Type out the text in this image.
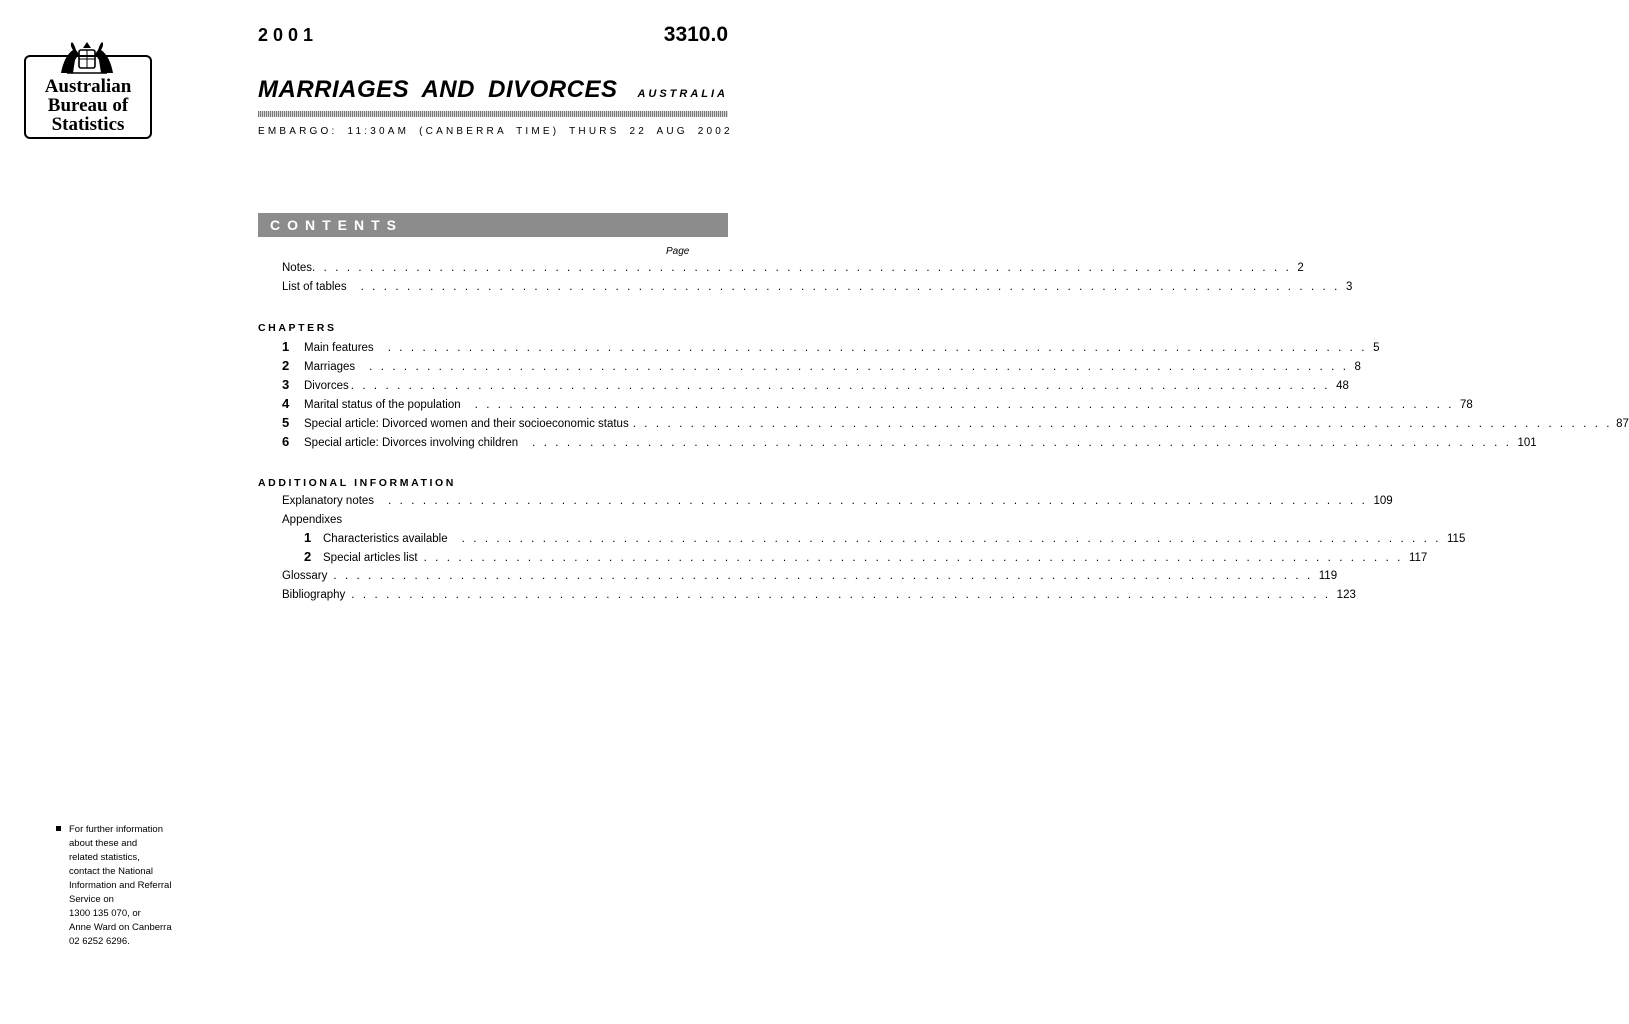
Australian
Bureau of
Statistics
2001	3310.0
MARRIAGES AND DIVORCES AUSTRALIA
EMBARGO: 11:30AM (CANBERRA TIME) THURS 22 AUG 2002
CONTENTS
Page
Notes . . . . . . . . . . . . . . . . . . . . . . . . . . . . . . . . . . . . . . . . . . . . . . . . . . . . . . . . . . . . . . . . . . . . . . . . . . . . . . . . . . . . . 2
List of tables . . . . . . . . . . . . . . . . . . . . . . . . . . . . . . . . . . . . . . . . . . . . . . . . . . . . . . . . . . . . . . . . . . . . . . . . . . . . . . . . . . . . . 3
CHAPTERS
1	Main features . . . . . . . . . . . . . . . . . . . . . . . . . . . . . . . . . . . . . . . . . . . . . . . . . . . . . . . . . . . . . . . . . . . . . . . . . . . . . . . . . . . . . 5
2	Marriages . . . . . . . . . . . . . . . . . . . . . . . . . . . . . . . . . . . . . . . . . . . . . . . . . . . . . . . . . . . . . . . . . . . . . . . . . . . . . . . . . . . . . 8
3	Divorces . . . . . . . . . . . . . . . . . . . . . . . . . . . . . . . . . . . . . . . . . . . . . . . . . . . . . . . . . . . . . . . . . . . . . . . . . . . . . . . . . . . . . 48
4	Marital status of the population . . . . . . . . . . . . . . . . . . . . . . . . . . . . . . . . . . . . . . . . . . . . . . . . . . . . . . . . . . . . . . . . . . . . . . . . . . . . . . . . . . . . . 78
5	Special article: Divorced women and their socioeconomic status . . . . . . . . . . . . . . . . . . . . . . . . . . . . . . . . . . . . . . . . . . . . . . . . . . . . . . . . . . . . . . . . . . . . . . . . . . . . . . . . . . . . . 87
6	Special article: Divorces involving children . . . . . . . . . . . . . . . . . . . . . . . . . . . . . . . . . . . . . . . . . . . . . . . . . . . . . . . . . . . . . . . . . . . . . . . . . . . . . . . . . . . . . 101
ADDITIONAL INFORMATION
Explanatory notes . . . . . . . . . . . . . . . . . . . . . . . . . . . . . . . . . . . . . . . . . . . . . . . . . . . . . . . . . . . . . . . . . . . . . . . . . . . . . . . . . . . . . 109
Appendixes
1	Characteristics available . . . . . . . . . . . . . . . . . . . . . . . . . . . . . . . . . . . . . . . . . . . . . . . . . . . . . . . . . . . . . . . . . . . . . . . . . . . . . . . . . . . . . 115
2	Special articles list . . . . . . . . . . . . . . . . . . . . . . . . . . . . . . . . . . . . . . . . . . . . . . . . . . . . . . . . . . . . . . . . . . . . . . . . . . . . . . . . . . . . . 117
Glossary . . . . . . . . . . . . . . . . . . . . . . . . . . . . . . . . . . . . . . . . . . . . . . . . . . . . . . . . . . . . . . . . . . . . . . . . . . . . . . . . . . . . . 119
Bibliography . . . . . . . . . . . . . . . . . . . . . . . . . . . . . . . . . . . . . . . . . . . . . . . . . . . . . . . . . . . . . . . . . . . . . . . . . . . . . . . . . . . . . 123
For further information
about these and
related statistics,
contact the National
Information and Referral
Service on
1300 135 070, or
Anne Ward on Canberra
02 6252 6296.
